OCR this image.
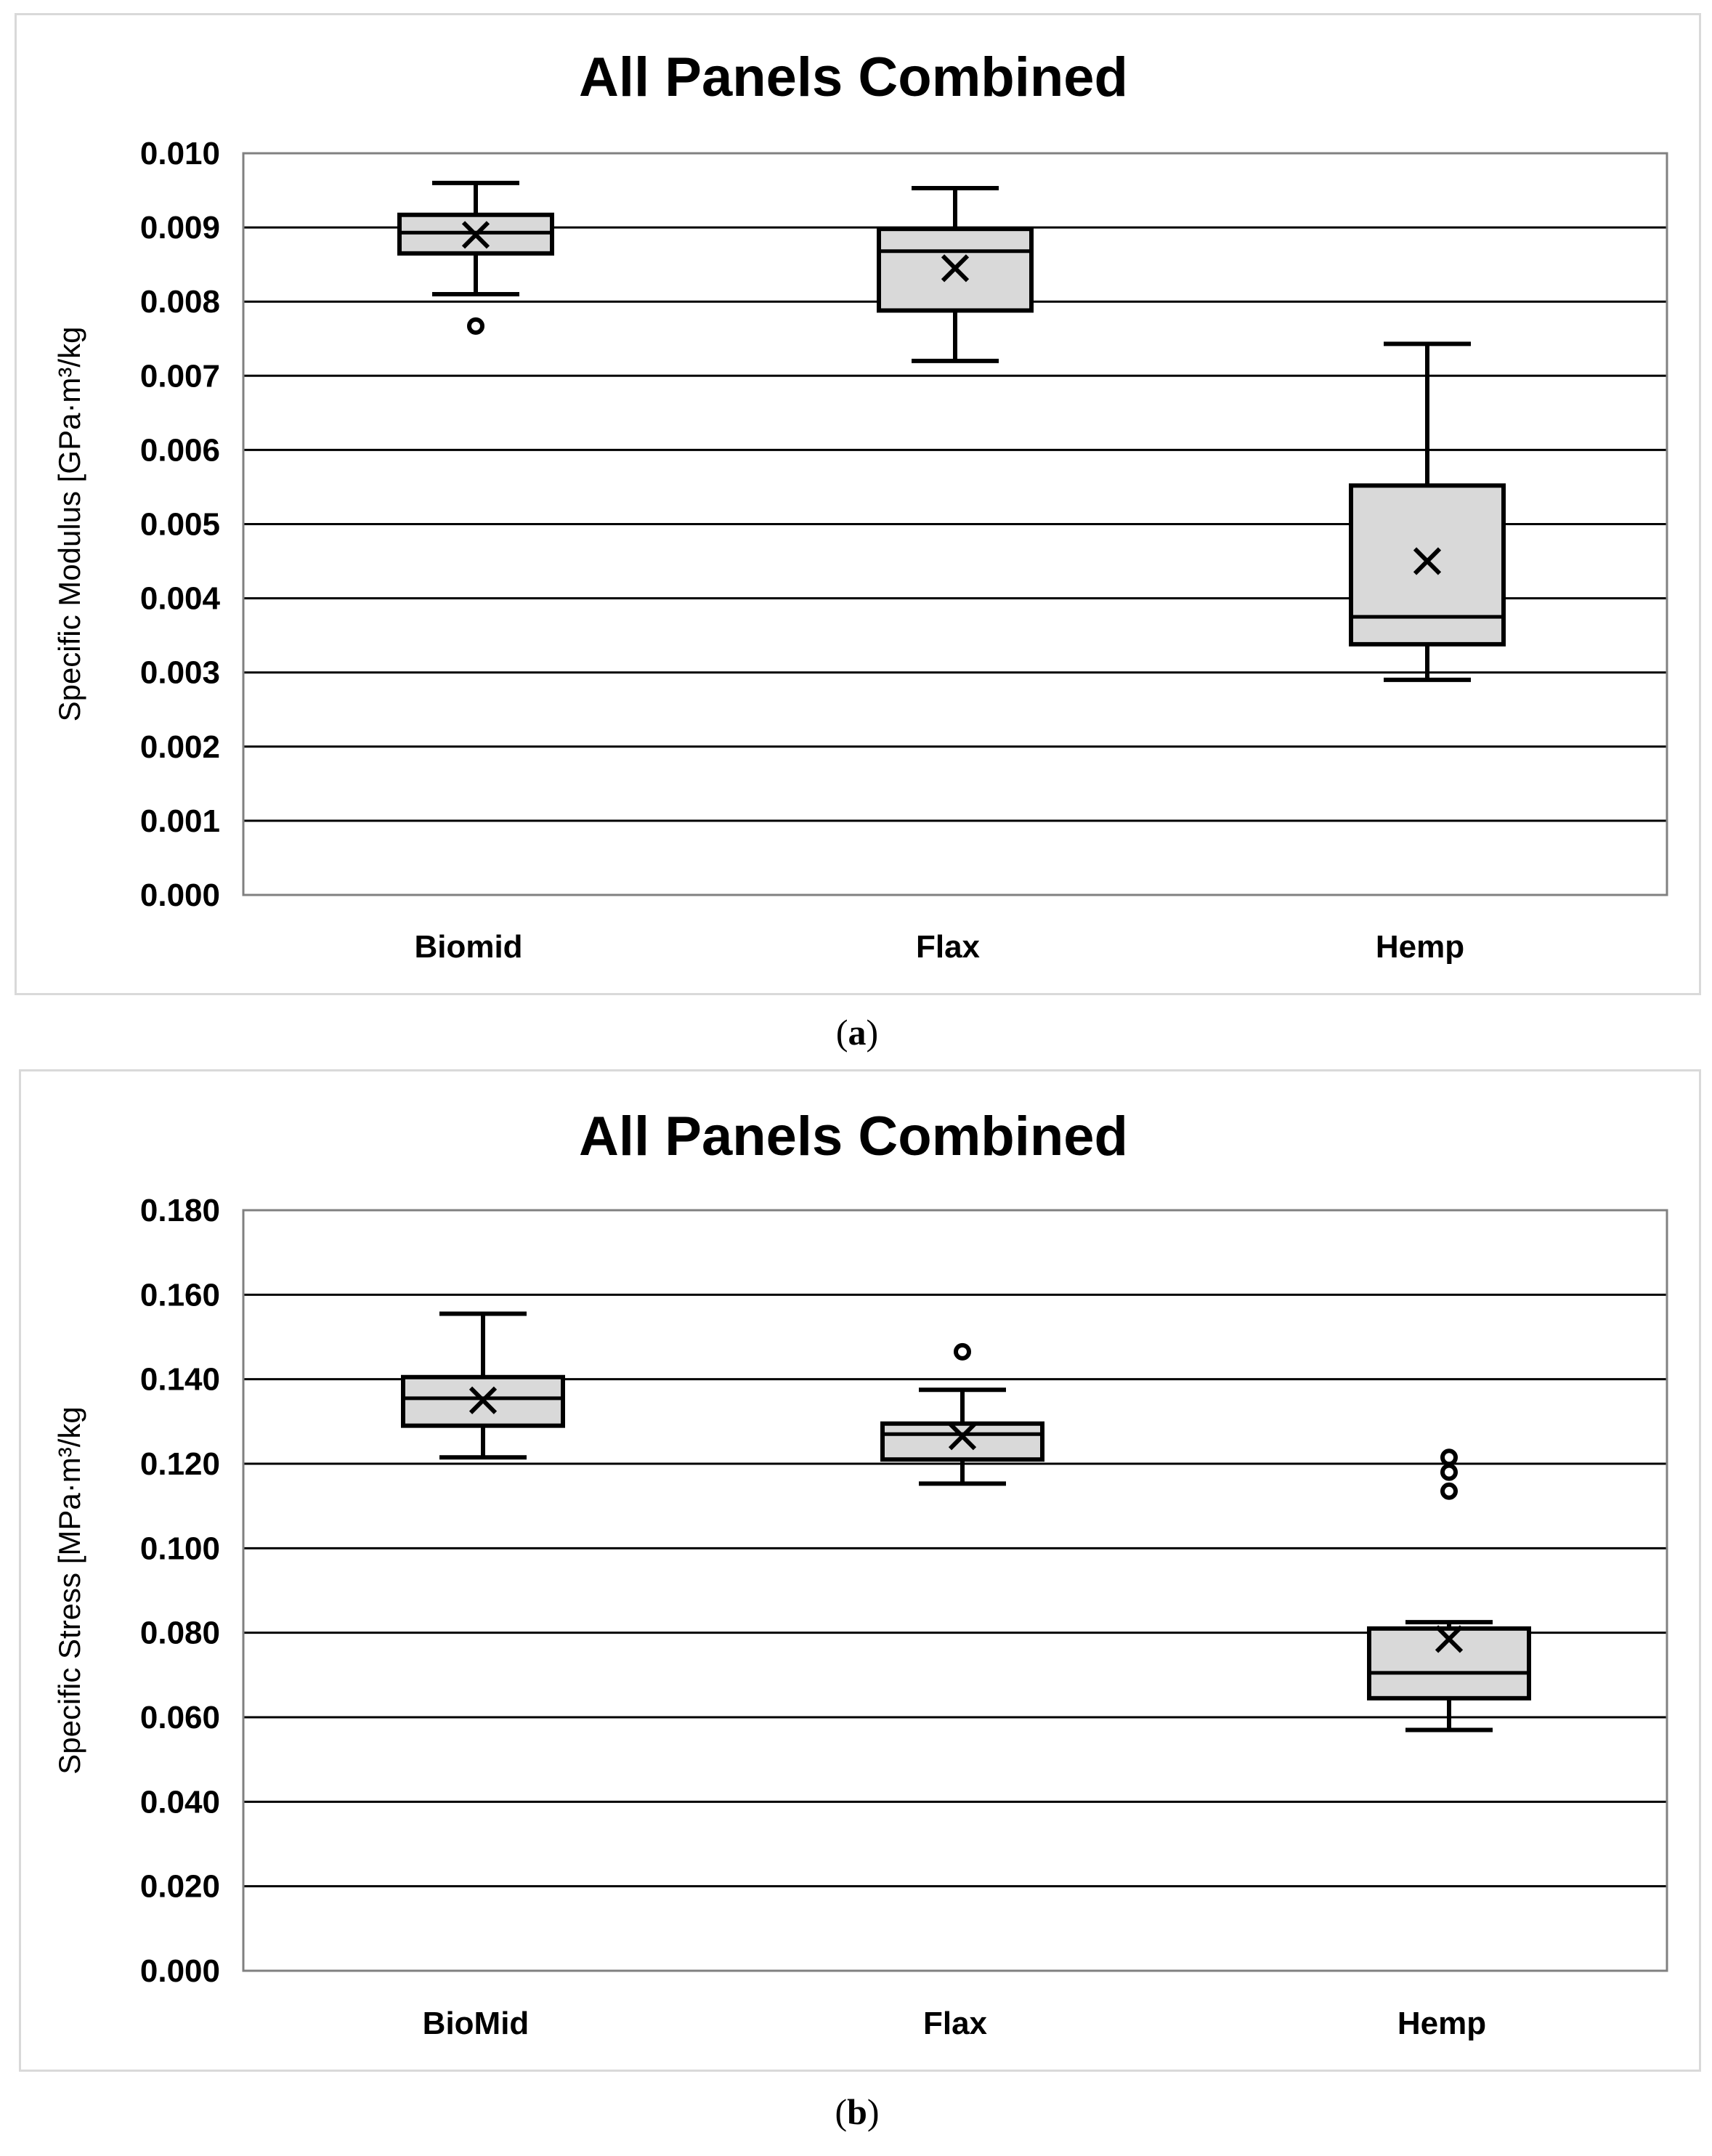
All Panels Combined
0.000
0.001
0.002
0.003
0.004
0.005
0.006
0.007
0.008
0.009
0.010
Specific Modulus [GPa·m³/kg
Biomid	Flax	Hemp
All Panels Combined
0.000
0.020
0.040
0.060
0.080
0.100
0.120
0.140
0.160
0.180
Specific Stress [MPa·m³/kg
BioMid	Flax	Hemp
(a)
(b)
